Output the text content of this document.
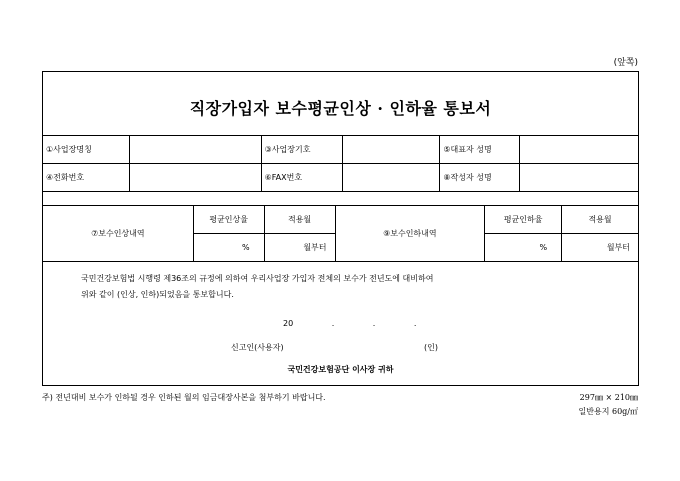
(앞쪽)
직장가입자 보수평균인상 · 인하율 통보서
①사업장명칭		③사업장기호		⑤대표자 성명	
④전화번호		⑥FAX번호		⑧작성자 성명	
⑦보수인상내역	평균인상율	적용월	⑨보수인하내역	평균인하율	적용월
	%	월부터		%	월부터
국민건강보험법 시행령 제36조의 규정에 의하여 우리사업장 가입자 전체의 보수가 전년도에 대비하여
위와 같이 (인상, 인하)되었음을 통보합니다.
20 . . .
신고인(사용자)	(인)
국민건강보험공단 이사장 귀하
주) 전년대비 보수가 인하될 경우 인하된 월의 임금대장사본을 첨부하기 바랍니다.	297㎜ × 210㎜
일반용지 60g/㎡
